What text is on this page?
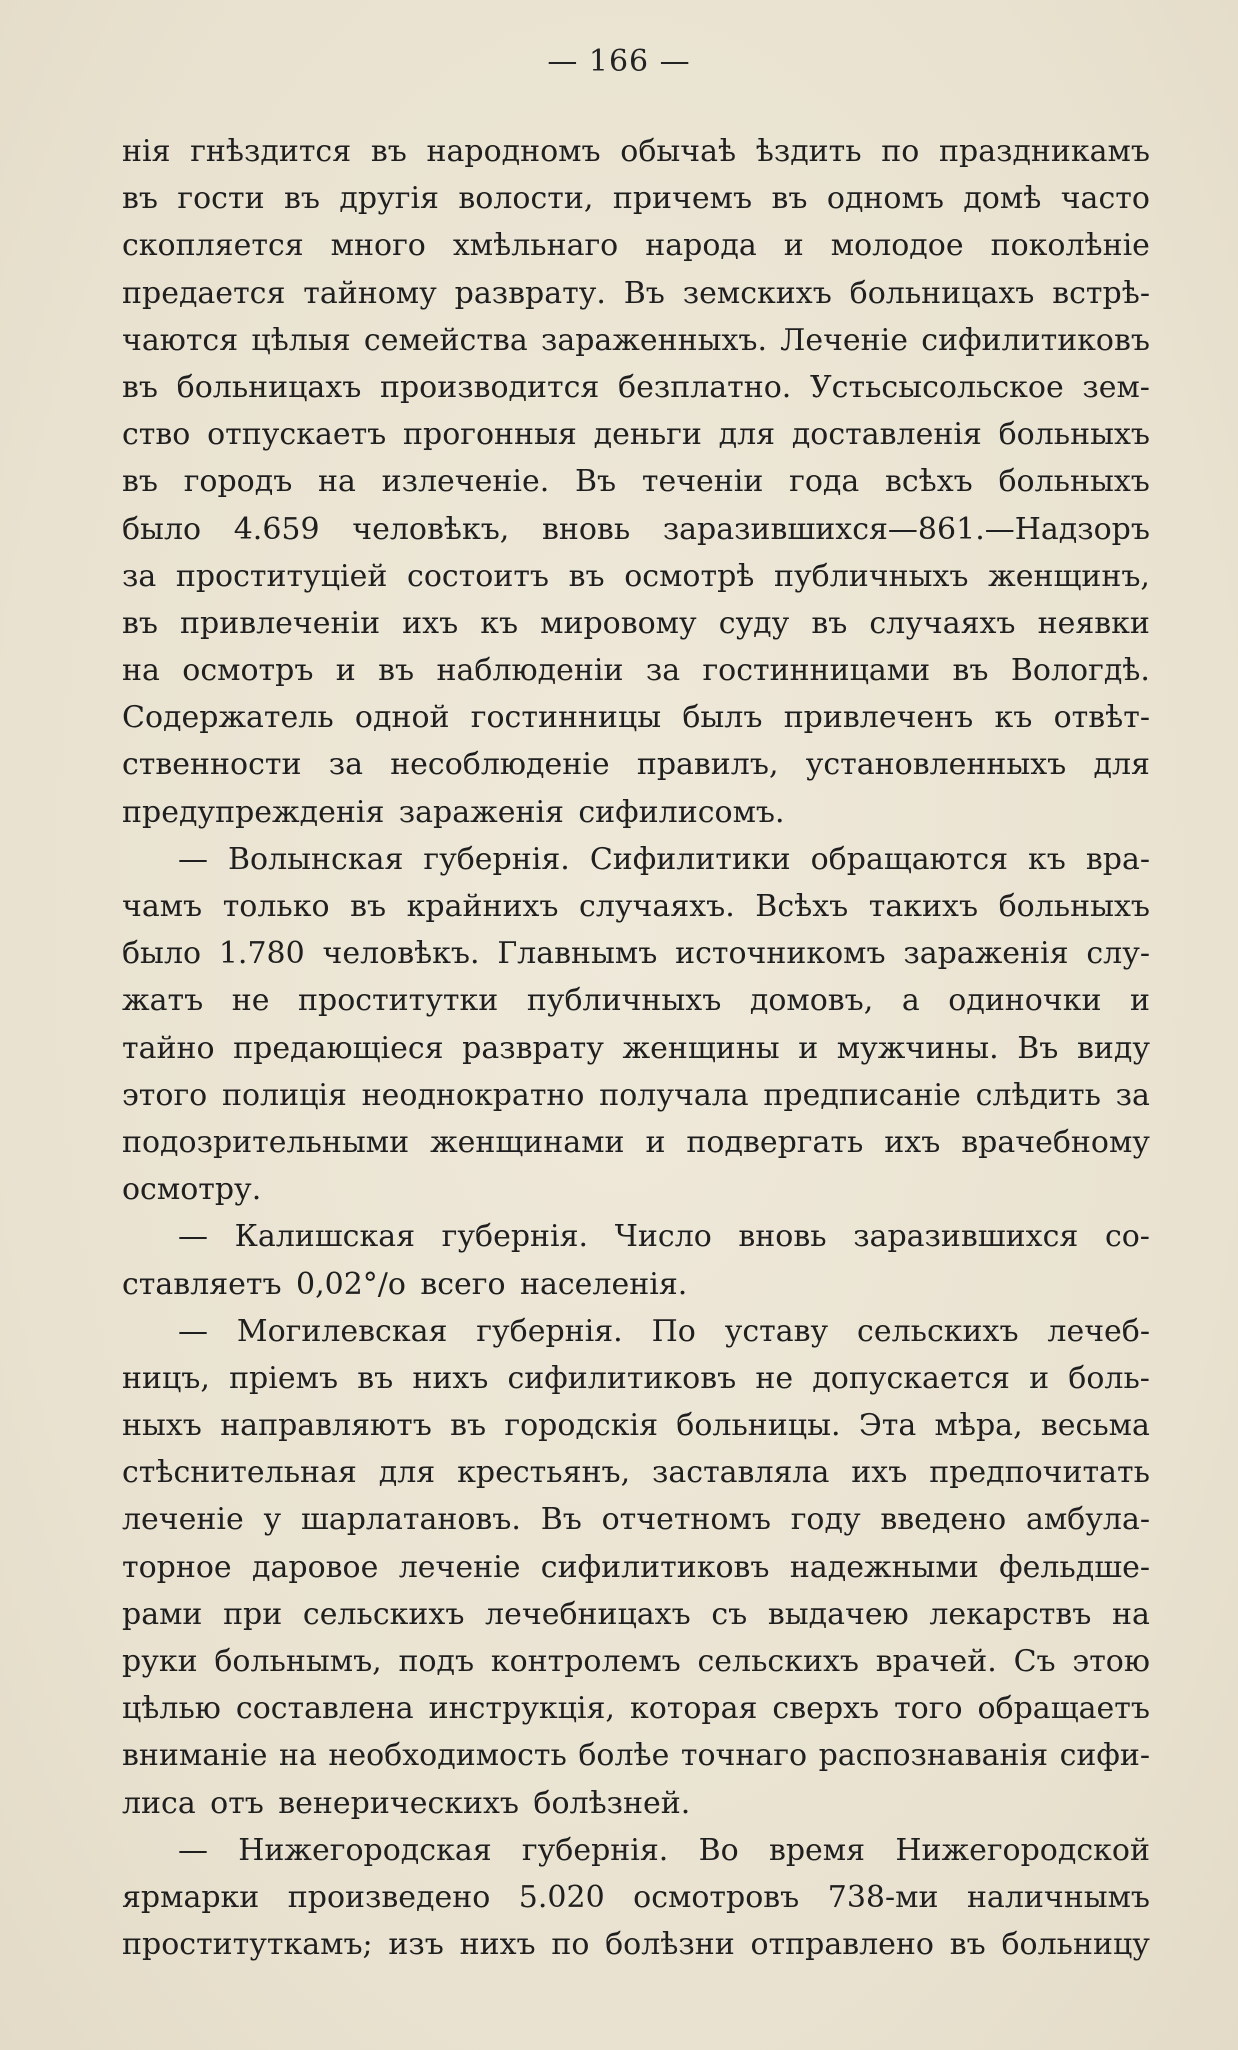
— 166 —
нія гнѣздится въ народномъ обычаѣ ѣздить по праздникамъ
въ гости въ другія волости, причемъ въ одномъ домѣ часто
скопляется много хмѣльнаго народа и молодое поколѣніе
предается тайному разврату. Въ земскихъ больницахъ встрѣ-
чаются цѣлыя семейства зараженныхъ. Леченіе сифилитиковъ
въ больницахъ производится безплатно. Устьсысольское зем-
ство отпускаетъ прогонныя деньги для доставленія больныхъ
въ городъ на излеченіе. Въ теченіи года всѣхъ больныхъ
было 4.659 человѣкъ, вновь заразившихся—861.—Надзоръ
за проституціей состоитъ въ осмотрѣ публичныхъ женщинъ,
въ привлеченіи ихъ къ мировому суду въ случаяхъ неявки
на осмотръ и въ наблюденіи за гостинницами въ Вологдѣ.
Содержатель одной гостинницы былъ привлеченъ къ отвѣт-
ственности за несоблюденіе правилъ, установленныхъ для
предупрежденія зараженія сифилисомъ.
— Волынская губернія. Сифилитики обращаются къ вра-
чамъ только въ крайнихъ случаяхъ. Всѣхъ такихъ больныхъ
было 1.780 человѣкъ. Главнымъ источникомъ зараженія слу-
жатъ не проститутки публичныхъ домовъ, а одиночки и
тайно предающіеся разврату женщины и мужчины. Въ виду
этого полиція неоднократно получала предписаніе слѣдить за
подозрительными женщинами и подвергать ихъ врачебному
осмотру.
— Калишская губернія. Число вновь заразившихся со-
ставляетъ 0,02°/о всего населенія.
— Могилевская губернія. По уставу сельскихъ лечеб-
ницъ, пріемъ въ нихъ сифилитиковъ не допускается и боль-
ныхъ направляютъ въ городскія больницы. Эта мѣра, весьма
стѣснительная для крестьянъ, заставляла ихъ предпочитать
леченіе у шарлатановъ. Въ отчетномъ году введено амбула-
торное даровое леченіе сифилитиковъ надежными фельдше-
рами при сельскихъ лечебницахъ съ выдачею лекарствъ на
руки больнымъ, подъ контролемъ сельскихъ врачей. Съ этою
цѣлью составлена инструкція, которая сверхъ того обращаетъ
вниманіе на необходимость болѣе точнаго распознаванія сифи-
лиса отъ венерическихъ болѣзней.
— Нижегородская губернія. Во время Нижегородской
ярмарки произведено 5.020 осмотровъ 738-ми наличнымъ
проституткамъ; изъ нихъ по болѣзни отправлено въ больницу
